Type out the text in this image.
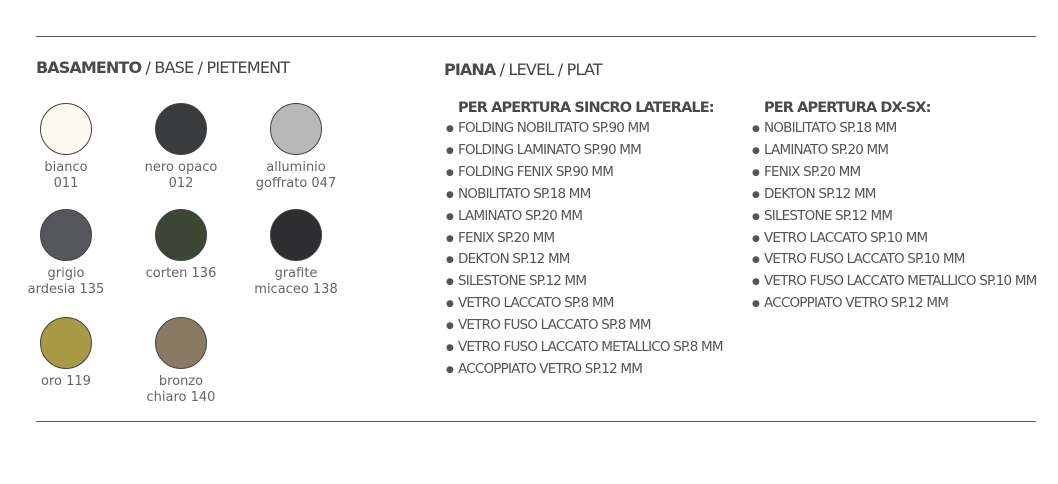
BASAMENTO / BASE / PIETEMENT
bianco
011
nero opaco
012
alluminio
goffrato 047
grigio
ardesia 135
corten 136	grafite
micaceo 138
oro 119	bronzo
chiaro 140
PIANA / LEVEL / PLAT
PER APERTURA SINCRO LATERALE:
● FOLDING NOBILITATO SP.90 MM
● FOLDING LAMINATO SP.90 MM
● FOLDING FENIX SP.90 MM
● NOBILITATO SP.18 MM
● LAMINATO SP.20 MM
● FENIX SP.20 MM
● DEKTON SP.12 MM
● SILESTONE SP.12 MM
● VETRO LACCATO SP.8 MM
● VETRO FUSO LACCATO SP.8 MM
● VETRO FUSO LACCATO METALLICO SP.8 MM
● ACCOPPIATO VETRO SP.12 MM
PER APERTURA DX-SX:
● NOBILITATO SP.18 MM
● LAMINATO SP.20 MM
● FENIX SP.20 MM
● DEKTON SP.12 MM
● SILESTONE SP.12 MM
● VETRO LACCATO SP.10 MM
● VETRO FUSO LACCATO SP.10 MM
● VETRO FUSO LACCATO METALLICO SP.10 MM
● ACCOPPIATO VETRO SP.12 MM
